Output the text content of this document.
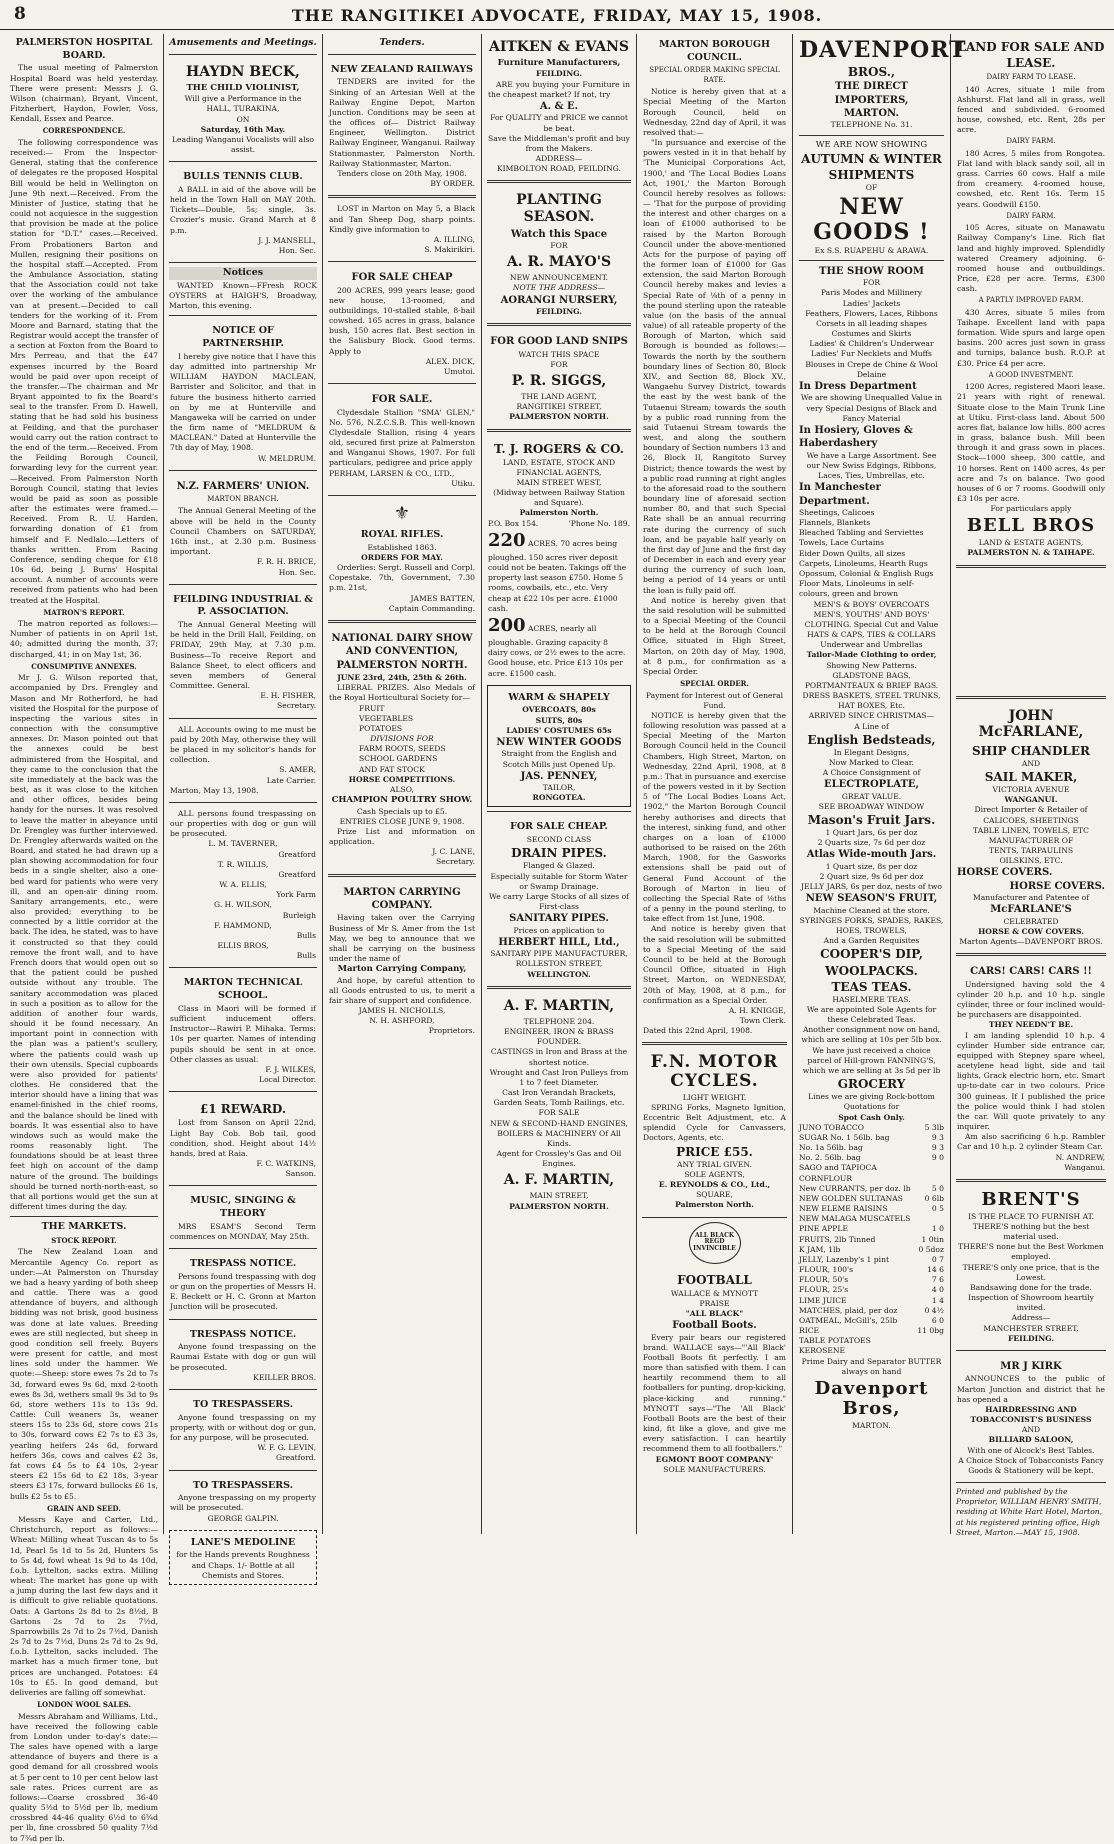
8	THE RANGITIKEI ADVOCATE, FRIDAY, MAY 15, 1908.
PALMERSTON HOSPITAL BOARD.

The usual meeting of Palmerston Hospital Board was held yesterday. There were present: Messrs J. G. Wilson (chairman), Bryant, Vincent, Fitzherbert, Haydon, Fowler, Voss, Kendall, Essex and Pearce.

CORRESPONDENCE.

The following correspondence was received:— From the Inspector-General, stating that the conference of delegates re the proposed Hospital Bill would be held in Wellington on June 9th next.—Received. From the Minister of Justice, stating that he could not acquiesce in the suggestion that provision be made at the police station for "D.T." cases.—Received. From Probationers Barton and Mullen, resigning their positions on the hospital staff.—Accepted. From the Ambulance Association, stating that the Association could not take over the working of the ambulance van at present.—Decided to call tenders for the working of it. From Moore and Barnard, stating that the Registrar would accept the transfer of a section at Foxton from the Board to Mrs Perreau, and that the £47 expenses incurred by the Board would be paid over upon receipt of the transfer.—The chairman and Mr Bryant appointed to fix the Board's seal to the transfer. From D. Hawell, stating that he had sold his business at Feilding, and that the purchaser would carry out the ration contract to the end of the term.—Received. From the Feilding Borough Council, forwarding levy for the current year.—Received. From Palmerston North Borough Council, stating that levies would be paid as soon as possible after the estimates were framed.—Received. From R. U. Harden, forwarding donation of £1 from himself and F. Nedlalo.—Letters of thanks written. From Racing Conference, sending cheque for £18 10s 6d, being J. Burns' Hospital account. A number of accounts were received from patients who had been treated at the Hospital.

MATRON'S REPORT.

The matron reported as follows:—Number of patients in on April 1st, 40; admitted during the month, 37; discharged, 41; in on May 1st, 36.

CONSUMPTIVE ANNEXES.

Mr J. G. Wilson reported that, accompanied by Drs. Frengley and Mason and Mr Rotherford, he had visited the Hospital for the purpose of inspecting the various sites in connection with the consumptive annexes. Dr. Mason pointed out that the annexes could be best administered from the Hospital, and they came to the conclusion that the site immediately at the back was the best, as it was close to the kitchen and other offices, besides being handy for the nurses. It was resolved to leave the matter in abeyance until Dr. Frengley was further interviewed. Dr. Frengley afterwards waited on the Board, and stated he had drawn up a plan showing accommodation for four beds in a single shelter, also a one-bed ward for patients who were very ill, and an open-air dining room. Sanitary arrangements, etc., were also provided; everything to be connected by a little corridor at the back. The idea, he stated, was to have it constructed so that they could remove the front wall, and to have French doors that would open out so that the patient could be pushed outside without any trouble. The sanitary accommodation was placed in such a position as to allow for the addition of another four wards, should it be found necessary. An important point in connection with the plan was a patient's scullery, where the patients could wash up their own utensils. Special cupboards were also provided for patients' clothes. He considered that the interior should have a lining that was enamel-finished in the chief rooms, and the balance should be lined with boards. It was essential also to have windows such as would make the rooms reasonably light. The foundations should be at least three feet high on account of the damp nature of the ground. The buildings should be turned north-north-east, so that all portions would get the sun at different times during the day.

THE MARKETS.
STOCK REPORT.

The New Zealand Loan and Mercantile Agency Co. report as under:—At Palmerston on Thursday we had a heavy yarding of both sheep and cattle. There was a good attendance of buyers, and although bidding was not brisk, good business was done at late values. Breeding ewes are still neglected, but sheep in good condition sell freely. Buyers were present for cattle, and most lines sold under the hammer. We quote:—Sheep: store ewes 7s 2d to 7s 3d, forward ewes 9s 6d, mxd 2-tooth ewes 8s 3d, wethers small 9s 3d to 9s 6d, store wethers 11s to 13s 9d. Cattle: Cull weaners 3s, weaner steers 15s to 23s 6d, store cows 21s to 30s, forward cows £2 7s to £3 3s, yearling heifers 24s 6d, forward heifers 36s, cows and calves £2 3s, fat cows £4 5s to £4 10s, 2-year steers £2 15s 6d to £2 18s, 3-year steers £3 17s, forward bullocks £6 1s, bulls £2 5s to £5.

GRAIN AND SEED.

Messrs Kaye and Carter, Ltd., Christchurch, report as follows:—Wheat: Milling wheat Tuscan 4s to 5s 1d, Pearl 5s 1d to 5s 2d, Hunters 5s to 5s 4d, fowl wheat 1s 9d to 4s 10d, f.o.b. Lyttelton, sacks extra. Milling wheat: The market has gone up with a jump during the last few days and it is difficult to give reliable quotations. Oats: A Gartons 2s 8d to 2s 8½d, B Gartons 2s 7d to 2s 7½d, Sparrowbills 2s 7d to 2s 7½d, Danish 2s 7d to 2s 7½d, Duns 2s 7d to 2s 9d, f.o.b. Lyttelton, sacks included. The market has a much firmer tone, but prices are unchanged. Potatoes: £4 10s to £5. In good demand, but deliveries are falling off somewhat.

LONDON WOOL SALES.

Messrs Abraham and Williams, Ltd., have received the following cable from London under to-day's date:—The sales have opened with a large attendance of buyers and there is a good demand for all crossbred wools at 5 per cent to 10 per cent below last sale rates. Prices current are as follows:—Coarse crossbred 36-40 quality 5½d to 5½d per lb, medium crossbred 44-46 quality 6½d to 6¾d per lb, fine crossbred 50 quality 7½d to 7¾d per lb.

Amusements and Meetings.
HAYDN BECK,
THE CHILD VIOLINIST,
Will give a Performance in the
HALL, TURAKINA,
ON
Saturday, 16th May.
Leading Wanganui Vocalists will also assist.
BULLS TENNIS CLUB.

A BALL in aid of the above will be held in the Town Hall on MAY 20th. Tickets—Double, 5s; single, 3s. Crozier's music. Grand March at 8 p.m.

J. J. MANSELL,
Hon. Sec.
Notices

WANTED Known—FFresh ROCK OYSTERS at HAIGH'S, Broadway, Marton, this evening.

NOTICE OF PARTNERSHIP.

I hereby give notice that I have this day admitted into partnership Mr WILLIAM HAYDON MACLEAN, Barrister and Solicitor, and that in future the business hitherto carried on by me at Hunterville and Mangaweka will be carried on under the firm name of "MELDRUM & MACLEAN." Dated at Hunterville the 7th day of May, 1908.

W. MELDRUM.
N.Z. FARMERS' UNION.
MARTON BRANCH.

The Annual General Meeting of the above will be held in the County Council Chambers on SATURDAY, 16th inst., at 2.30 p.m. Business important.

F. R. H. BRICE,
Hon. Sec.
FEILDING INDUSTRIAL & P. ASSOCIATION.

The Annual General Meeting will be held in the Drill Hall, Feilding, on FRIDAY, 29th May, at 7.30 p.m. Business—To receive Report and Balance Sheet, to elect officers and seven members of General Committee. General.

E. H. FISHER,
Secretary.

ALL Accounts owing to me must be paid by 20th May, otherwise they will be placed in my solicitor's hands for collection.

S. AMER,
Late Carrier.
Marton, May 13, 1908.

ALL persons found trespassing on our properties with dog or gun will be prosecuted.

L. M. TAVERNER,
Greatford
T. R. WILLIS,
Greatford
W. A. ELLIS,
York Farm
G. H. WILSON,
Burleigh
F. HAMMOND,
Bulls
ELLIS BROS,
Bulls
MARTON TECHNICAL SCHOOL.

Class in Maori will be formed if sufficient inducement offers. Instructor—Rawiri P. Mihaka. Terms: 10s per quarter. Names of intending pupils should be sent in at once. Other classes as usual.

F. J. WILKES,
Local Director.
£1 REWARD.

Lost from Sanson on April 22nd, Light Bay Cob. Bob tail, good condition, shod. Height about 14½ hands, bred at Raia.

F. C. WATKINS,
Sanson.
MUSIC, SINGING & THEORY

MRS ESAM'S Second Term commences on MONDAY, May 25th.

TRESPASS NOTICE.

Persons found trespassing with dog or gun on the properties of Messrs H. E. Beckett or H. C. Gronn at Marton Junction will be prosecuted.

TRESPASS NOTICE.

Anyone found trespassing on the Raumai Estate with dog or gun will be prosecuted.

KEILLER BROS.
TO TRESPASSERS.

Anyone found trespassing on my property, with or without dog or gun, for any purpose, will be prosecuted.

W. F. G. LEVIN,
Greatford.
TO TRESPASSERS.

Anyone trespassing on my property will be prosecuted.

GEORGE GALPIN.
LANE'S MEDOLINE
for the Hands prevents Roughness and Chaps. 1/- Bottle at all Chemists and Stores.
Tenders.
NEW ZEALAND RAILWAYS

TENDERS are invited for the Sinking of an Artesian Well at the Railway Engine Depot, Marton Junction. Conditions may be seen at the offices of— District Railway Engineer, Wellington. District Railway Engineer, Wanganui. Railway Stationmaster, Palmerston North. Railway Stationmaster, Marton.

Tenders close on 20th May, 1908.
BY ORDER.

LOST in Marton on May 5, a Black and Tan Sheep Dog, sharp points. Kindly give information to

A. ILLING,
S. Makirikiri.
FOR SALE CHEAP

200 ACRES, 999 years lease; good new house, 13-roomed, and outbuildings, 10-stalled stable, 8-bail cowshed. 165 acres in grass, balance bush, 150 acres flat. Best section in the Salisbury Block. Good terms. Apply to

ALEX. DICK,
Umutoi.
FOR SALE.

Clydesdale Stallion "SMA' GLEN," No. 576, N.Z.C.S.B. This well-known Clydesdale Stallion, rising 4 years old, secured first prize at Palmerston and Wanganui Shows, 1907. For full particulars, pedigree and price apply

PERHAM, LARSEN & CO., LTD.,
Utiku.
⚜
ROYAL RIFLES.
Established 1863.
ORDERS FOR MAY.

Orderlies: Sergt. Russell and Corpl. Copestake. 7th, Government, 7.30 p.m. 21st,

JAMES BATTEN,
Captain Commanding.
NATIONAL DAIRY SHOW AND CONVENTION, PALMERSTON NORTH.
JUNE 23rd, 24th, 25th & 26th.

LIBERAL PRIZES. Also Medals of the Royal Horticultural Society for—

FRUIT
VEGETABLES
POTATOES
DIVISIONS FOR
FARM ROOTS, SEEDS
SCHOOL GARDENS
AND FAT STOCK
HORSE COMPETITIONS.
ALSO,
CHAMPION POULTRY SHOW.
Cash Specials up to £5.
ENTRIES CLOSE JUNE 9, 1908.

Prize List and information on application.

J. C. LANE,
Secretary.
MARTON CARRYING COMPANY.

Having taken over the Carrying Business of Mr S. Amer from the 1st May, we beg to announce that we shall be carrying on the business under the name of

Marton Carrying Company,

And hope, by careful attention to all Goods entrusted to us, to merit a fair share of support and confidence.

JAMES H. NICHOLLS,
N. H. ASHFORD,
Proprietors.
AITKEN & EVANS
Furniture Manufacturers,
FEILDING.

ARE you buying your Furniture in the cheapest market? If not, try

A. & E.
For QUALITY and PRICE we cannot be beat.
Save the Middleman's profit and buy from the Makers.
ADDRESS—
KIMBOLTON ROAD, FEILDING.
PLANTING SEASON.
Watch this Space
FOR
A. R. MAYO'S
NEW ANNOUNCEMENT.
NOTE THE ADDRESS—
AORANGI NURSERY,
FEILDING.
FOR GOOD LAND SNIPS
WATCH THIS SPACE
FOR
P. R. SIGGS,
THE LAND AGENT,
RANGITIKEI STREET,
PALMERSTON NORTH.
T. J. ROGERS & CO.
LAND, ESTATE, STOCK AND FINANCIAL AGENTS,
MAIN STREET WEST,
(Midway between Railway Station and Square).
Palmerston North.
P.O. Box 154.	'Phone No. 189.
220 ACRES. 70 acres being ploughed. 150 acres river deposit could not be beaten. Takings off the property last season £750. Home 5 rooms, cowbails, etc., etc. Very cheap at £22 10s per acre. £1000 cash.
200 ACRES, nearly all ploughable. Grazing capacity 8 dairy cows, or 2½ ewes to the acre. Good house, etc. Price £13 10s per acre. £1500 cash.
WARM & SHAPELY
OVERCOATS, 80s
SUITS, 80s
LADIES' COSTUMES 65s
NEW WINTER GOODS
Straight from the English and Scotch Mills just Opened Up.
JAS. PENNEY,
TAILOR,
RONGOTEA.
FOR SALE CHEAP.
SECOND CLASS
DRAIN PIPES.
Flanged & Glazed.
Especially suitable for Storm Water or Swamp Drainage.
We carry Large Stocks of all sizes of First-class
SANITARY PIPES.
Prices on application to
HERBERT HILL, Ltd.,
SANITARY PIPE MANUFACTURER,
ROLLESTON STREET,
WELLINGTON.
A. F. MARTIN,
TELEPHONE 204.
ENGINEER, IRON & BRASS FOUNDER.
CASTINGS in Iron and Brass at the shortest notice.
Wrought and Cast Iron Pulleys from 1 to 7 feet Diameter.
Cast Iron Verandah Brackets, Garden Seats, Tomb Railings, etc.
FOR SALE
NEW & SECOND-HAND ENGINES, BOILERS & MACHINERY Of All Kinds.
Agent for Crossley's Gas and Oil Engines.
A. F. MARTIN,
MAIN STREET,
PALMERSTON NORTH.
MARTON BOROUGH COUNCIL.
SPECIAL ORDER MAKING SPECIAL RATE.

Notice is hereby given that at a Special Meeting of the Marton Borough Council, held on Wednesday, 22nd day of April, it was resolved that:—

"In pursuance and exercise of the powers vested in it in that behalf by 'The Municipal Corporations Act, 1900,' and 'The Local Bodies Loans Act, 1901,' the Marton Borough Council hereby resolves as follows:— 'That for the purpose of providing the interest and other charges on a loan of £1000 authorised to be raised by the Marton Borough Council under the above-mentioned Acts for the purpose of paying off the former loan of £1000 for Gas extension, the said Marton Borough Council hereby makes and levies a Special Rate of ⅛th of a penny in the pound sterling upon the rateable value (on the basis of the annual value) of all rateable property of the Borough of Marton, which said Borough is bounded as follows:— Towards the north by the southern boundary lines of Section 80, Block XIV., and Section 88, Block XV., Wangaehu Survey District, towards the east by the west bank of the Tutaenui Stream; towards the south by a public road running from the said Tutaenui Stream towards the west, and along the southern boundary of Section numbers 13 and 26, Block II, Rangitoto Survey District; thence towards the west by a public road running at right angles to the aforesaid road to the southern boundary line of aforesaid section number 80, and that such Special Rate shall be an annual recurring rate during the currency of such loan, and be payable half yearly on the first day of June and the first day of December in each and every year during the currency of such loan, being a period of 14 years or until the loan is fully paid off.

And notice is hereby given that the said resolution will be submitted to a Special Meeting of the Council to be held at the Borough Council Office, situated in High Street, Marton, on 20th day of May, 1908, at 8 p.m., for confirmation as a Special Order.

SPECIAL ORDER.
Payment for Interest out of General Fund.

NOTICE is hereby given that the following resolution was passed at a Special Meeting of the Marton Borough Council held in the Council Chambers, High Street, Marton, on Wednesday, 22nd April, 1908, at 8 p.m.: That in pursuance and exercise of the powers vested in it by Section 5 of "The Local Bodies Loans Act, 1902," the Marton Borough Council hereby authorises and directs that the interest, sinking fund, and other charges on a loan of £1000 authorised to be raised on the 26th March, 1908, for the Gasworks extensions shall be paid out of General Fund Account of the Borough of Marton in lieu of collecting the Special Rate of ⅛ths of a penny in the pound sterling, to take effect from 1st June, 1908.

And notice is hereby given that the said resolution will be submitted to a Special Meeting of the said Council to be held at the Borough Council Office, situated in High Street, Marton, on WEDNESDAY, 20th of May, 1908, at 8 p.m., for confirmation as a Special Order.

A. H. KNIGGE,
Town Clerk.
Dated this 22nd April, 1908.
F.N. MOTOR CYCLES.
LIGHT WEIGHT.

SPRING Forks, Magneto Ignition, Eccentric Belt Adjustment, etc. A splendid Cycle for Canvassers, Doctors, Agents, etc.

PRICE £55.
ANY TRIAL GIVEN.
SOLE AGENTS,
E. REYNOLDS & CO., Ltd.,
SQUARE,
Palmerston North.
ALL BLACK
REGD
INVINCIBLE
FOOTBALL
WALLACE & MYNOTT
PRAISE
"ALL BLACK"
Football Boots.

Every pair bears our registered brand. WALLACE says—"'All Black' Football Boots fit perfectly. I am more than satisfied with them. I can heartily recommend them to all footballers for punting, drop-kicking, place-kicking and running." MYNOTT says—"The 'All Black' Football Boots are the best of their kind, fit like a glove, and give me every satisfaction. I can heartily recommend them to all footballers."

EGMONT BOOT COMPANY'
SOLE MANUFACTURERS.
DAVENPORT
BROS.,
THE DIRECT IMPORTERS,
MARTON.
TELEPHONE No. 31.
WE ARE NOW SHOWING
AUTUMN & WINTER SHIPMENTS
OF
NEW GOODS !
Ex S.S. RUAPEHU & ARAWA.
THE SHOW ROOM
FOR
Paris Modes and Millinery
Ladies' Jackets
Feathers, Flowers, Laces, Ribbons
Corsets in all leading shapes
Costumes and Skirts
Ladies' & Children's Underwear
Ladies' Fur Necklets and Muffs
Blouses in Crepe de Chine & Wool Delaine
In Dress Department
We are showing Unequalled Value in very Special Designs of Black and Fancy Material
In Hosiery, Gloves & Haberdashery
We have a Large Assortment. See our New Swiss Edgings, Ribbons, Laces, Ties, Umbrellas, etc.
In Manchester Department.
Sheetings, Calicoes
Flannels, Blankets
Bleached Tabling and Serviettes
Towels, Lace Curtains
Eider Down Quilts, all sizes
Carpets, Linoleums, Hearth Rugs
Opossum, Colonial & English Rugs
Floor Mats, Linoleums in self-colours, green and brown
MEN'S & BOYS' OVERCOATS
MEN'S, YOUTHS' AND BOYS' CLOTHING. Special Cut and Value
HATS & CAPS, TIES & COLLARS
Underwear and Umbrellas
Tailor-Made Clothing to order,
Showing New Patterns.
GLADSTONE BAGS, PORTMANTEAUX & BRIEF BAGS.
DRESS BASKETS, STEEL TRUNKS, HAT BOXES, Etc.
ARRIVED SINCE CHRISTMAS—
A Line of
English Bedsteads,
In Elegant Designs,
Now Marked to Clear.
A Choice Consignment of
ELECTROPLATE,
GREAT VALUE.
SEE BROADWAY WINDOW
Mason's Fruit Jars.
1 Quart Jars, 6s per doz
2 Quarts size, 7s 6d per doz
Atlas Wide-mouth Jars.
1 Quart size, 8s per doz
2 Quart size, 9s 6d per doz
JELLY JARS, 6s per doz, nests of two
NEW SEASON'S FRUIT,
Machine Cleaned at the store.
SYRINGES FORKS, SPADES, RAKES, HOES, TROWELS,
And a Garden Requisites
COOPER'S DIP,
WOOLPACKS.
TEAS TEAS.
HASELMERE TEAS.
We are appointed Sole Agents for these Celebrated Teas.
Another consignment now on hand, which are selling at 10s per 5lb box. We have just received a choice parcel of Hill-grown FANNING'S, which we are selling at 3s 5d per lb
GROCERY
Lines we are giving Rock-bottom Quotations for
Spot Cash Only.
JUNO TOBACCO	5 3lb
SUGAR No. 1 56lb. bag	9 3
No. 1a 56lb. bag	9 3
No. 2. 56lb. bag	9 0
SAGO and TAPIOCA
CORNFLOUR
New CURRANTS, per doz. lb	5 0
NEW GOLDEN SULTANAS	0 6lb
NEW ELEME RAISINS	0 5
NEW MALAGA MUSCATELS
PINE APPLE	1 0
FRUITS, 2lb Tinned	1 0tin
K JAM, 1lb	0 5doz
JELLY, Lazenby's 1 pint	0 7
FLOUR, 100's	14 6
FLOUR, 50's	7 6
FLOUR, 25's	4 0
LIME JUICE	1 4
MATCHES, plaid, per doz	0 4½
OATMEAL, McGill's, 25lb	6 0
RICE	11 0bg
TABLE POTATOES
KEROSENE
Prime Dairy and Separator BUTTER always on hand
Davenport Bros,
MARTON.
LAND FOR SALE AND LEASE.
DAIRY FARM TO LEASE.

140 Acres, situate 1 mile from Ashhurst. Flat land all in grass, well fenced and subdivided. 6-roomed house, cowshed, etc. Rent, 28s per acre.

DAIRY FARM.

180 Acres, 5 miles from Rongotea. Flat land with black sandy soil, all in grass. Carries 60 cows. Half a mile from creamery. 4-roomed house, cowshed, etc. Rent 16s. Term 15 years. Goodwill £150.

DAIRY FARM.

105 Acres, situate on Manawatu Railway Company's Line. Rich flat land and highly improved. Splendidly watered Creamery adjoining. 6-roomed house and outbuildings. Price, £28 per acre. Terms, £300 cash.

A PARTLY IMPROVED FARM.

430 Acres, situate 5 miles from Taihape. Excellent land with papa formation. Wide spurs and large open basins. 200 acres just sown in grass and turnips, balance bush. R.O.P. at £30. Price £4 per acre.

A GOOD INVESTMENT.

1200 Acres, registered Maori lease. 21 years with right of renewal. Situate close to the Main Trunk Line at Utiku. First-class land. About 500 acres flat, balance low hills. 800 acres in grass, balance bush. Mill been through it and grass sown in places. Stock—1000 sheep, 300 cattle, and 10 horses. Rent on 1400 acres, 4s per acre and 7s on balance. Two good houses of 6 or 7 rooms. Goodwill only £3 10s per acre.

For particulars apply
BELL BROS
LAND & ESTATE AGENTS,
PALMERSTON N. & TAIHAPE.
JOHN McFARLANE,
SHIP CHANDLER
AND
SAIL MAKER,
VICTORIA AVENUE
WANGANUI.
Direct Importer & Retailer of
CALICOES, SHEETINGS
TABLE LINEN, TOWELS, ETC
MANUFACTURER OF
TENTS, TARPAULINS
OILSKINS, ETC.
HORSE COVERS.
HORSE COVERS.
Manufacturer and Patentee of
McFARLANE'S
CELEBRATED
HORSE & COW COVERS.
Marton Agents—DAVENPORT BROS.
CARS! CARS! CARS !!

Undersigned having sold the 4 cylinder 20 h.p. and 10 h.p. single cylinder, three or four inclined would-be purchasers are disappointed.

THEY NEEDN'T BE.

I am landing splendid 10 h.p. 4 cylinder Humber side entrance car, equipped with Stepney spare wheel, acetylene head light, side and tail lights, Grack electric horn, etc. Smart up-to-date car in two colours. Price 300 guineas. If I published the price the police would think I had stolen the car. Will quote privately to any inquirer.

Am also sacrificing 6 h.p. Rambler Car and 10 h.p. 2 cylinder Steam Car.

N. ANDREW,
Wanganui.
BRENT'S
IS THE PLACE TO FURNISH AT.
THERE'S nothing but the best material used.
THERE'S none but the Best Workmen employed.
THERE'S only one price, that is the Lowest.
Bandsawing done for the trade. Inspection of Showroom heartily invited.
Address—
MANCHESTER STREET,
FEILDING.
MR J KIRK

ANNOUNCES to the public of Marton Junction and district that he has opened a

HAIRDRESSING AND TOBACCONIST'S BUSINESS
AND
BILLIARD SALOON,
With one of Alcock's Best Tables.
A Choice Stock of Tobacconists Fancy Goods & Stationery will be kept.
Printed and published by the Proprietor, WILLIAM HENRY SMITH, residing at White Hart Hotel, Marton, at his registered printing office, High Street, Marton.—MAY 15, 1908.
